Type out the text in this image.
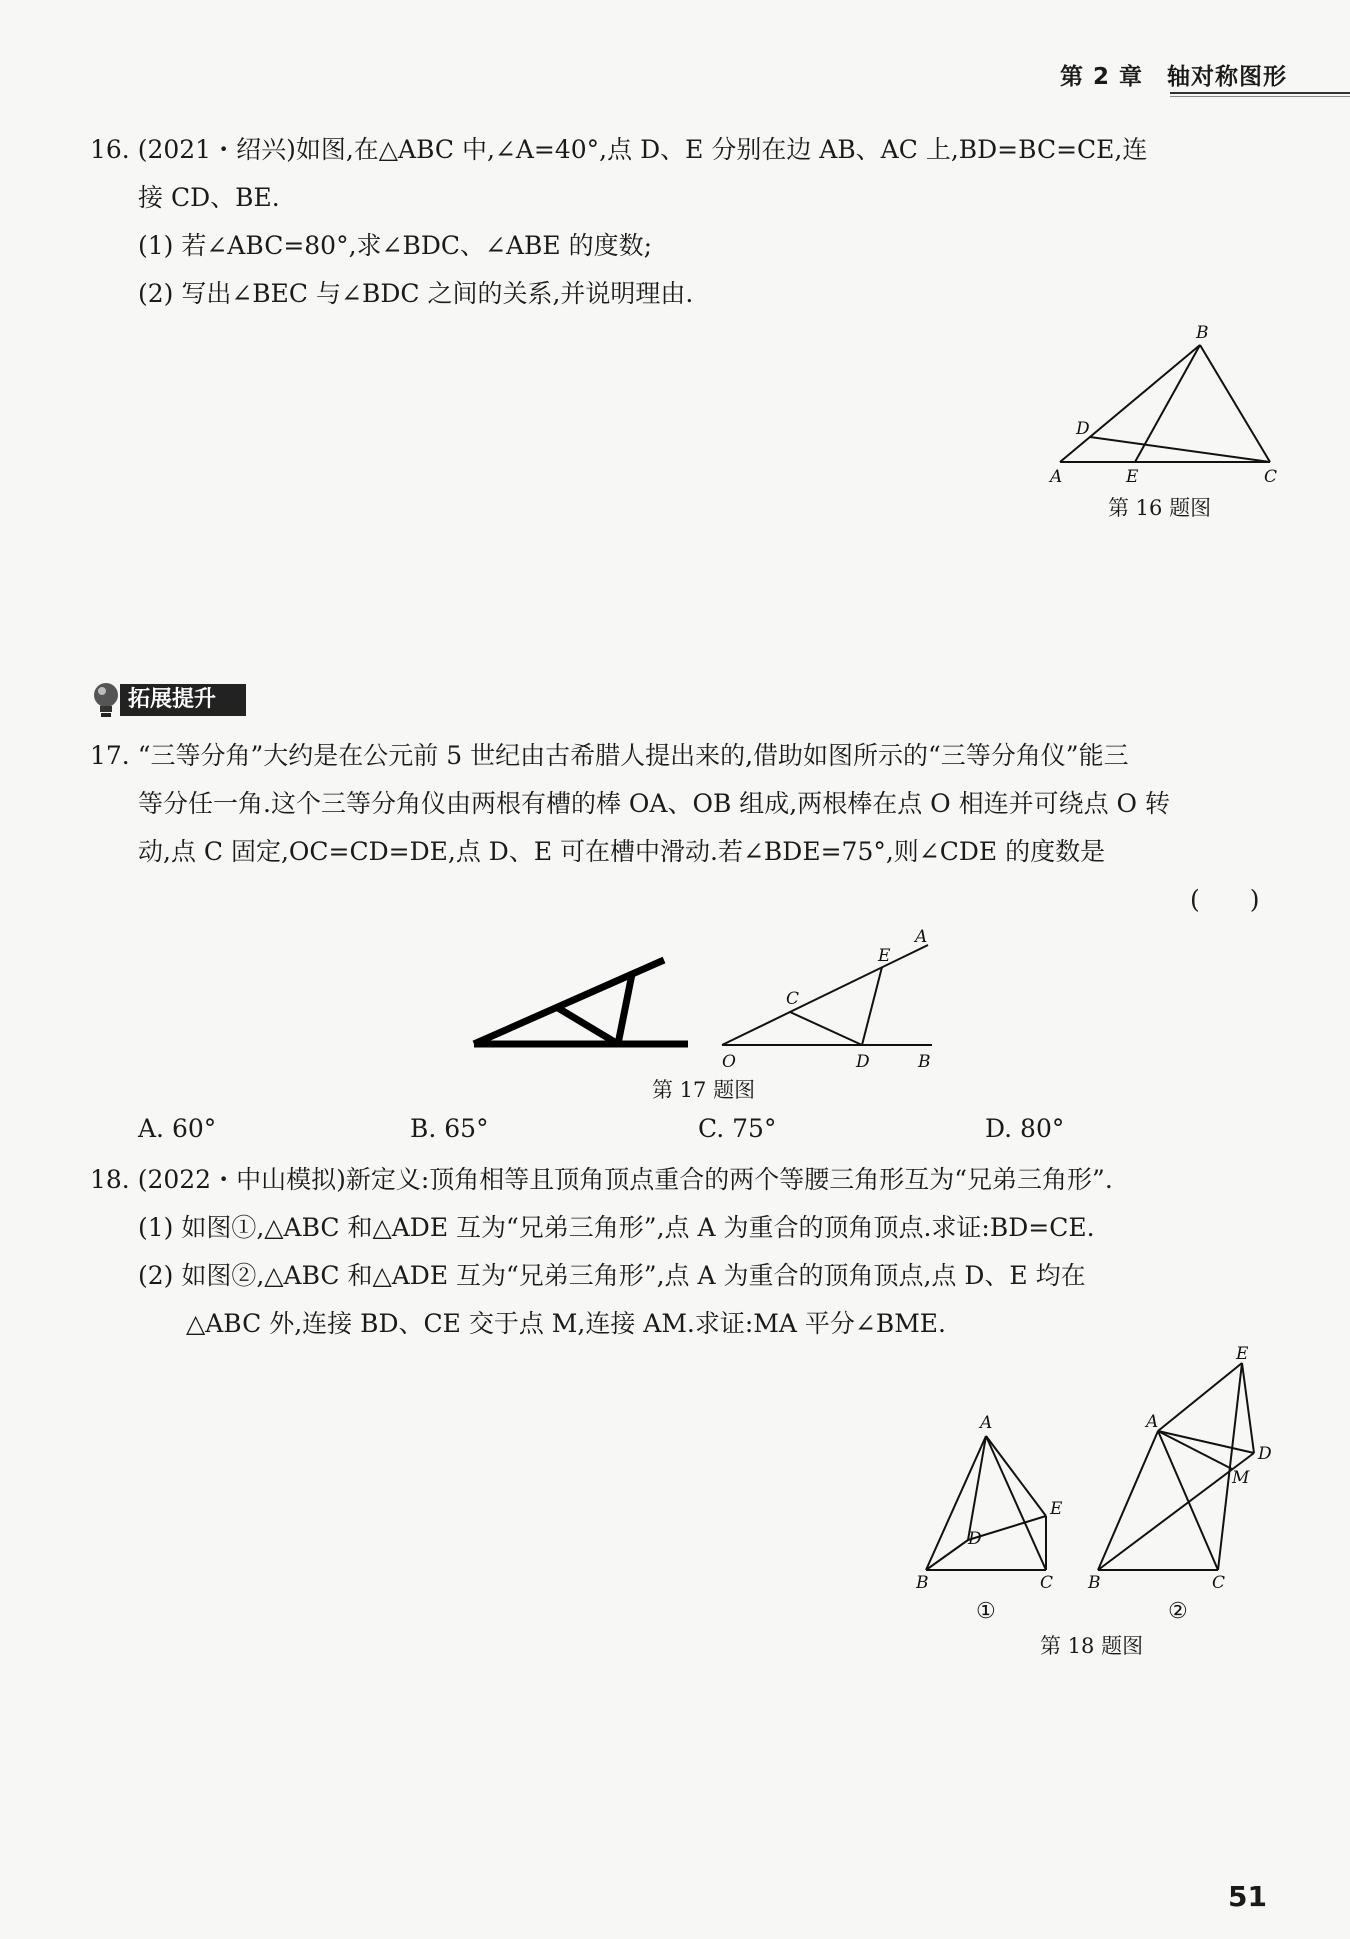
第 2 章　轴对称图形
16. (2021・绍兴)如图,在△ABC 中,∠A=40°,点 D、E 分别在边 AB、AC 上,BD=BC=CE,连
接 CD、BE.
(1) 若∠ABC=80°,求∠BDC、∠ABE 的度数;
(2) 写出∠BEC 与∠BDC 之间的关系,并说明理由.
B
D
A	E	C
第 16 题图
拓展提升
17. “三等分角”大约是在公元前 5 世纪由古希腊人提出来的,借助如图所示的“三等分角仪”能三
等分任一角.这个三等分角仪由两根有槽的棒 OA、OB 组成,两根棒在点 O 相连并可绕点 O 转
动,点 C 固定,OC=CD=DE,点 D、E 可在槽中滑动.若∠BDE=75°,则∠CDE 的度数是
(　　)
A
E
C
O	D	B
第 17 题图
A. 60°	B. 65°	C. 75°	D. 80°
18. (2022・中山模拟)新定义:顶角相等且顶角顶点重合的两个等腰三角形互为“兄弟三角形”.
(1) 如图①,△ABC 和△ADE 互为“兄弟三角形”,点 A 为重合的顶角顶点.求证:BD=CE.
(2) 如图②,△ABC 和△ADE 互为“兄弟三角形”,点 A 为重合的顶角顶点,点 D、E 均在
△ABC 外,连接 BD、CE 交于点 M,连接 AM.求证:MA 平分∠BME.
A
E
D
B	C
①
E
A
D
M
B	C
②
第 18 题图
51
